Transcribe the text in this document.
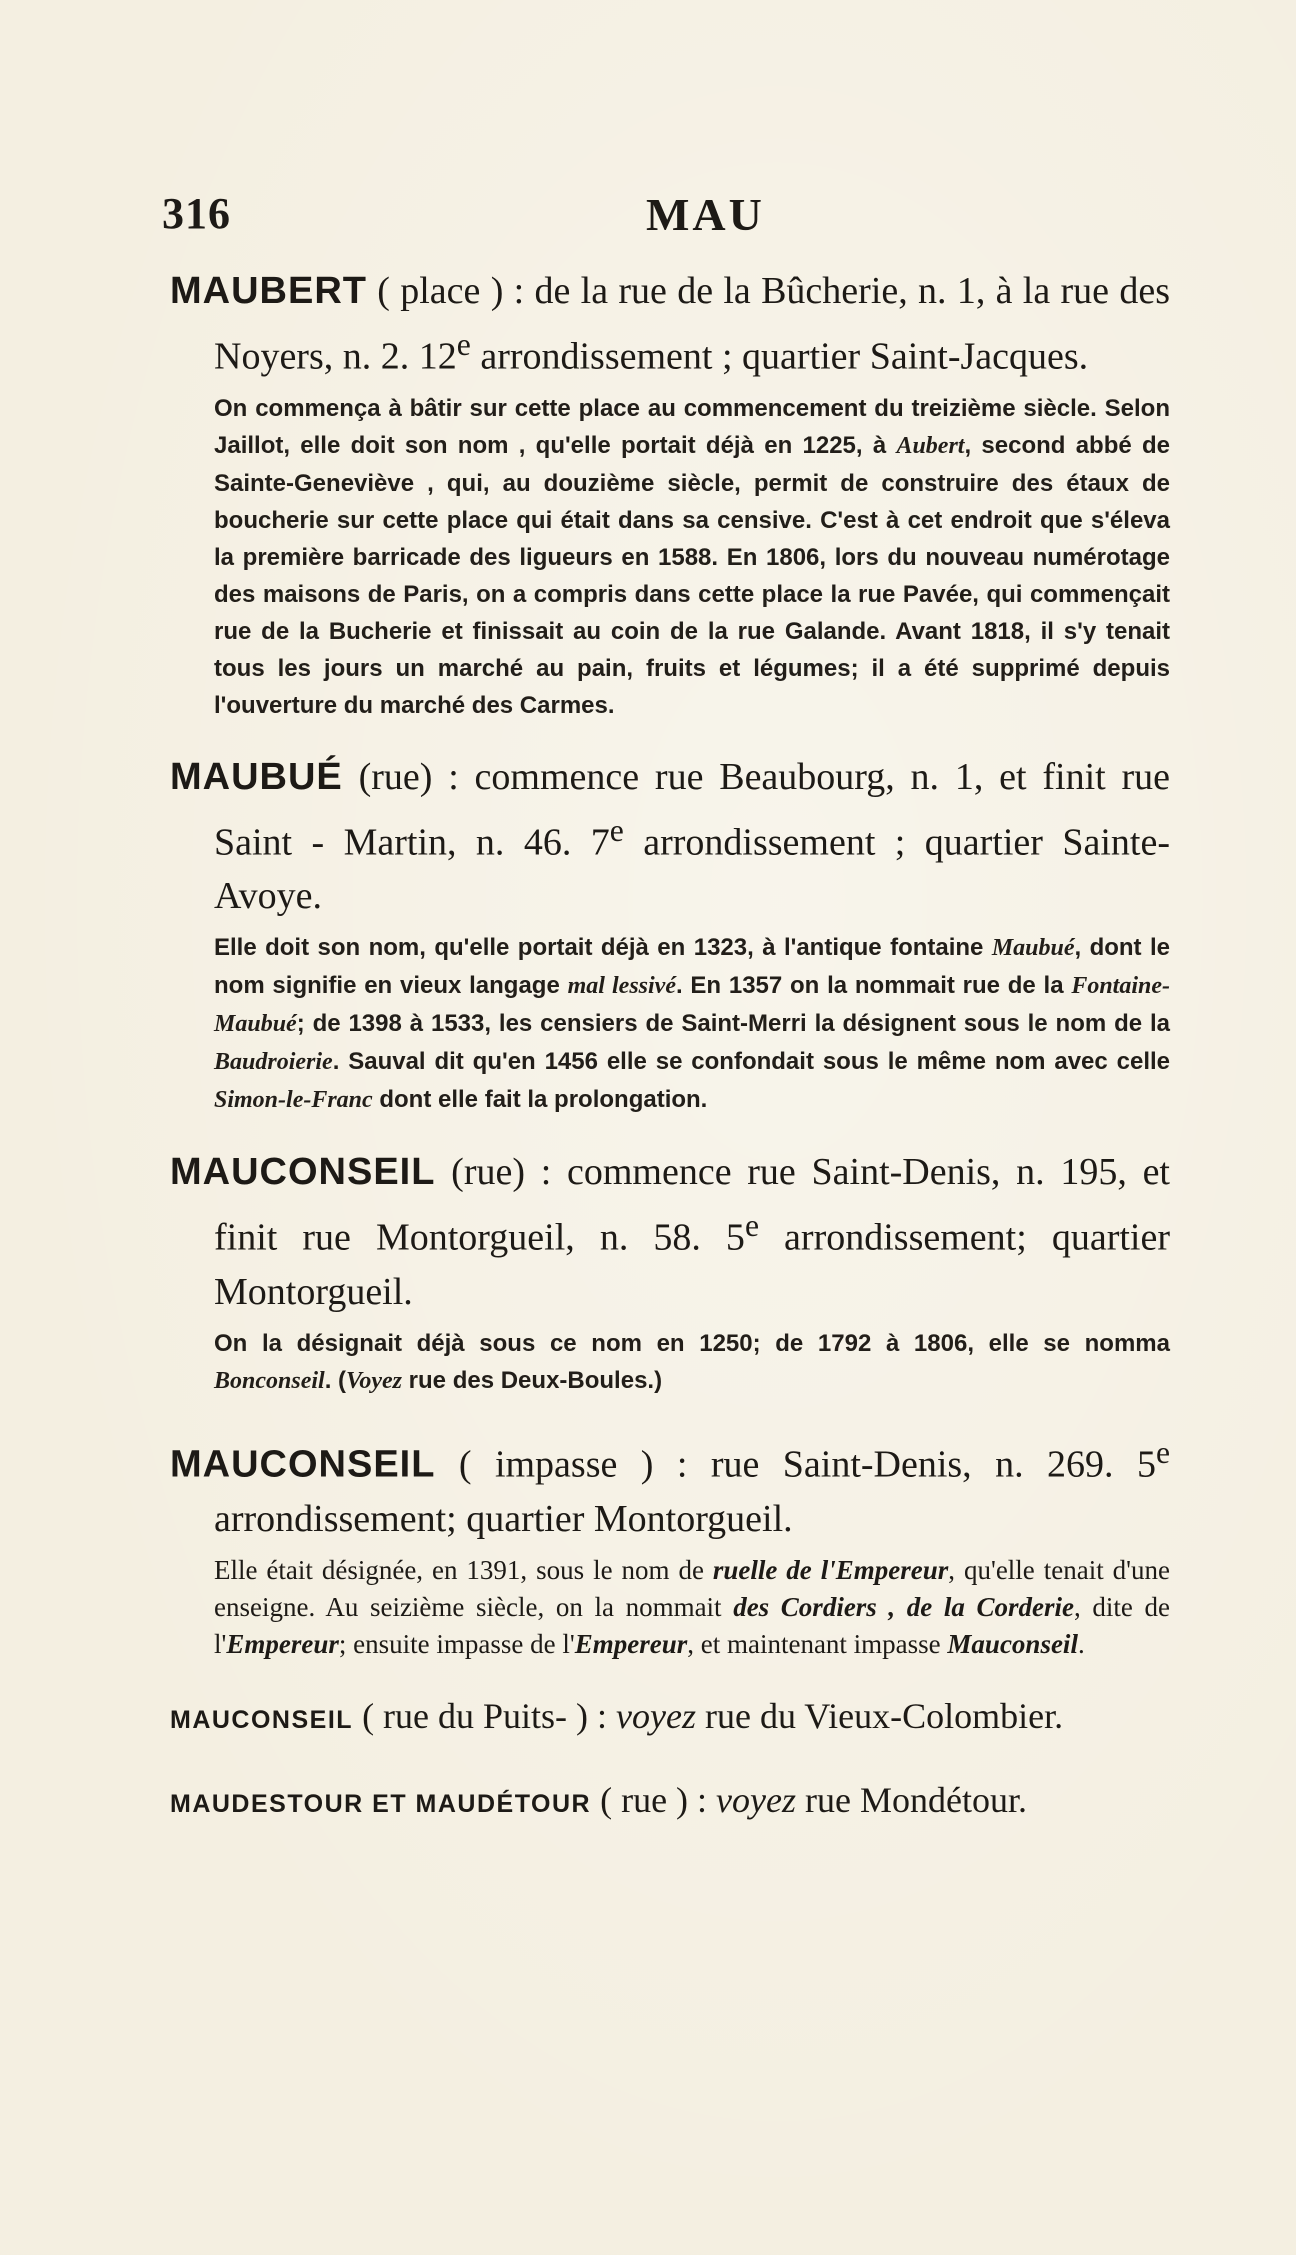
316	MAU
MAUBERT ( place ) : de la rue de la Bûcherie, n. 1, à la rue des Noyers, n. 2. 12e arrondissement ; quartier Saint-Jacques.
On commença à bâtir sur cette place au commencement du treizième siècle. Selon Jaillot, elle doit son nom , qu'elle portait déjà en 1225, à Aubert, second abbé de Sainte-Geneviève , qui, au douzième siècle, permit de construire des étaux de boucherie sur cette place qui était dans sa censive. C'est à cet endroit que s'éleva la première barricade des ligueurs en 1588. En 1806, lors du nouveau numérotage des maisons de Paris, on a compris dans cette place la rue Pavée, qui commençait rue de la Bucherie et finissait au coin de la rue Galande. Avant 1818, il s'y tenait tous les jours un marché au pain, fruits et légumes; il a été supprimé depuis l'ouverture du marché des Carmes.
MAUBUÉ (rue) : commence rue Beaubourg, n. 1, et finit rue Saint - Martin, n. 46. 7e arrondissement ; quartier Sainte-Avoye.
Elle doit son nom, qu'elle portait déjà en 1323, à l'antique fontaine Maubué, dont le nom signifie en vieux langage mal lessivé. En 1357 on la nommait rue de la Fontaine-Maubué; de 1398 à 1533, les censiers de Saint-Merri la désignent sous le nom de la Baudroierie. Sauval dit qu'en 1456 elle se confondait sous le même nom avec celle Simon-le-Franc dont elle fait la prolongation.
MAUCONSEIL (rue) : commence rue Saint-Denis, n. 195, et finit rue Montorgueil, n. 58. 5e arrondissement; quartier Montorgueil.
On la désignait déjà sous ce nom en 1250; de 1792 à 1806, elle se nomma Bonconseil. (Voyez rue des Deux-Boules.)
MAUCONSEIL ( impasse ) : rue Saint-Denis, n. 269. 5e arrondissement; quartier Montorgueil.
Elle était désignée, en 1391, sous le nom de ruelle de l'Empereur, qu'elle tenait d'une enseigne. Au seizième siècle, on la nommait des Cordiers , de la Corderie, dite de l'Empereur; ensuite impasse de l'Empereur, et maintenant impasse Mauconseil.
MAUCONSEIL ( rue du Puits- ) : voyez rue du Vieux-Colombier.
MAUDESTOUR ET MAUDÉTOUR ( rue ) : voyez rue Mondétour.
